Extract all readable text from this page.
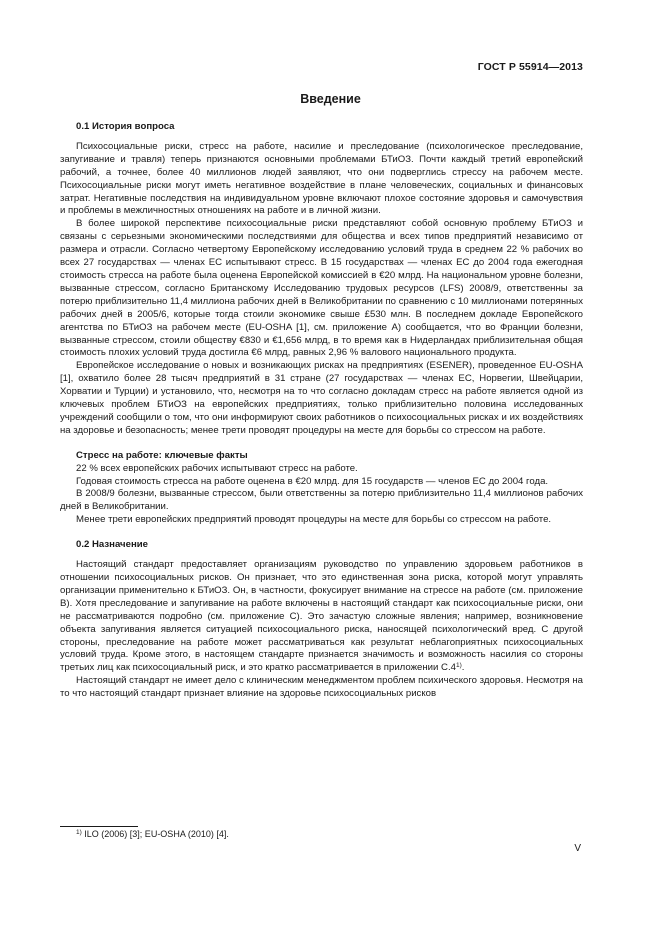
ГОСТ Р 55914—2013
Введение
0.1 История вопроса

Психосоциальные риски, стресс на работе, насилие и преследование (психологическое преследование, запугивание и травля) теперь признаются основными проблемами БТиОЗ. Почти каждый третий европейский рабочий, а точнее, более 40 миллионов людей заявляют, что они подверглись стрессу на рабочем месте. Психосоциальные риски могут иметь негативное воздействие в плане человеческих, социальных и финансовых затрат. Негативные последствия на индивидуальном уровне включают плохое состояние здоровья и самочувствия и проблемы в межличностных отношениях на работе и в личной жизни.

В более широкой перспективе психосоциальные риски представляют собой основную проблему БТиОЗ и связаны с серьезными экономическими последствиями для общества и всех типов предприятий независимо от размера и отрасли. Согласно четвертому Европейскому исследованию условий труда в среднем 22 % рабочих во всех 27 государствах — членах ЕС испытывают стресс. В 15 государствах — членах ЕС до 2004 года ежегодная стоимость стресса на работе была оценена Европейской комиссией в €20 млрд. На национальном уровне болезни, вызванные стрессом, согласно Британскому Исследованию трудовых ресурсов (LFS) 2008/9, ответственны за потерю приблизительно 11,4 миллиона рабочих дней в Великобритании по сравнению с 10 миллионами потерянных рабочих дней в 2005/6, которые тогда стоили экономике свыше £530 млн. В последнем докладе Европейского агентства по БТиОЗ на рабочем месте (EU-OSHA [1], см. приложение А) сообщается, что во Франции болезни, вызванные стрессом, стоили обществу €830 и €1,656 млрд, в то время как в Нидерландах приблизительная общая стоимость плохих условий труда достигла €6 млрд, равных 2,96 % валового национального продукта.

Европейское исследование о новых и возникающих рисках на предприятиях (ESENER), проведенное EU-OSHA [1], охватило более 28 тысяч предприятий в 31 стране (27 государствах — членах ЕС, Норвегии, Швейцарии, Хорватии и Турции) и установило, что, несмотря на то что согласно докладам стресс на работе является одной из ключевых проблем БТиОЗ на европейских предприятиях, только приблизительно половина исследованных учреждений сообщили о том, что они информируют своих работников о психосоциальных рисках и их воздействиях на здоровье и безопасность; менее трети проводят процедуры на месте для борьбы со стрессом на работе.

Стресс на работе: ключевые факты

22 % всех европейских рабочих испытывают стресс на работе.

Годовая стоимость стресса на работе оценена в €20 млрд. для 15 государств — членов ЕС до 2004 года.

В 2008/9 болезни, вызванные стрессом, были ответственны за потерю приблизительно 11,4 миллионов рабочих дней в Великобритании.

Менее трети европейских предприятий проводят процедуры на месте для борьбы со стрессом на работе.

0.2 Назначение

Настоящий стандарт предоставляет организациям руководство по управлению здоровьем работников в отношении психосоциальных рисков. Он признает, что это единственная зона риска, которой могут управлять организации применительно к БТиОЗ. Он, в частности, фокусирует внимание на стрессе на работе (см. приложение В). Хотя преследование и запугивание на работе включены в настоящий стандарт как психосоциальные риски, они не рассматриваются подробно (см. приложение С). Это зачастую сложные явления; например, возникновение объекта запугивания является ситуацией психосоциального риска, наносящей психологический вред. С другой стороны, преследование на работе может рассматриваться как результат неблагоприятных психосоциальных условий труда. Кроме этого, в настоящем стандарте признается значимость и возможность насилия со стороны третьих лиц как психосоциальный риск, и это кратко рассматривается в приложении С.4$^{1)}$.

Настоящий стандарт не имеет дело с клиническим менеджментом проблем психического здоровья. Несмотря на то что настоящий стандарт признает влияние на здоровье психосоциальных рисков

$^{1)}$ ILO (2006) [3]; EU-OSHA (2010) [4].
V
